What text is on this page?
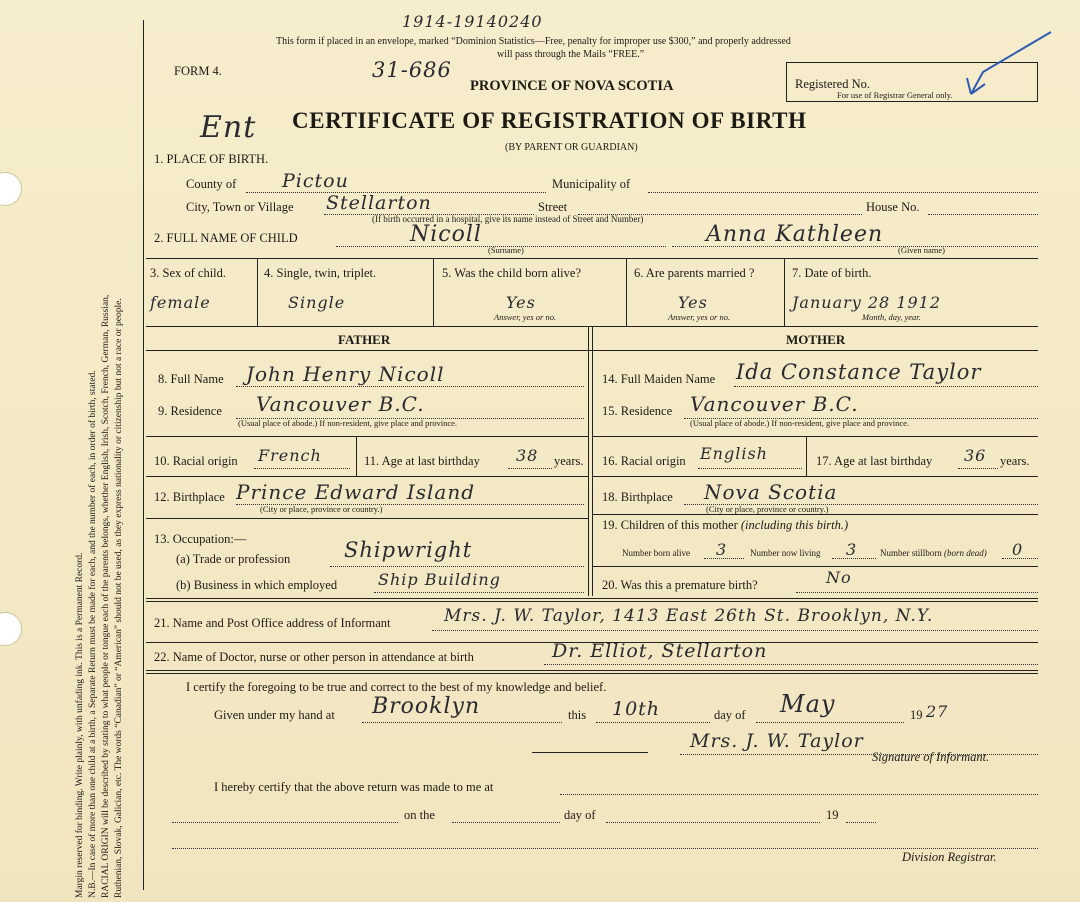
Margin reserved for binding. Write plainly, with unfading ink. This is a Permanent Record. N.B.—In case of more than one child at a birth, a Separate Return must be made for each, and the number of each, in order of birth, stated. RACIAL ORIGIN will be described by stating to what people or tongue each of the parents belongs, whether English, Irish, Scotch, French, German, Russian, Ruthenian, Slovak, Galician, etc. The words “Canadian” or “American” should not be used, as they express nationality or citizenship but not a race or people.
1914-19140240
This form if placed in an envelope, marked “Dominion Statistics—Free, penalty for improper use $300,” and properly addressed
will pass through the Mails “FREE.”
FORM 4.	31-686
PROVINCE OF NOVA SCOTIA	Registered No.
For use of Registrar General only.
Ent CERTIFICATE OF REGISTRATION OF BIRTH
(BY PARENT OR GUARDIAN)
1. PLACE OF BIRTH.
County of Pictou	Municipality of
City, Town or Village Stellarton	Street	House No.
(If birth occurred in a hospital, give its name instead of Street and Number)
2. FULL NAME OF CHILD	Nicoll
(Surname)
Anna Kathleen
(Given name)
3. Sex of child.
female
4. Single, twin, triplet.
Single
5. Was the child born alive?
Yes
Answer, yes or no.
6. Are parents married ?
Yes
Answer, yes or no.
7. Date of birth.
January 28 1912
Month, day, year.
FATHER	MOTHER
8. Full Name John Henry Nicoll
9. Residence Vancouver B.C.
(Usual place of abode.) If non-resident, give place and province.
10. Racial origin French	11. Age at last birthday 38 years.
12. Birthplace Prince Edward Island
(City or place, province or country.)
13. Occupation:—
(a) Trade or profession	Shipwright
(b) Business in which employed	Ship Building
14. Full Maiden Name Ida Constance Taylor
15. Residence Vancouver B.C.
(Usual place of abode.) If non-resident, give place and province.
16. Racial origin English	17. Age at last birthday 36 years.
18. Birthplace Nova Scotia
(City or place, province or country.)
19. Children of this mother (including this birth.)
Number born alive 3	Number now living 3	Number stillborn (born dead) 0
20. Was this a premature birth?	No
21. Name and Post Office address of Informant	Mrs. J. W. Taylor, 1413 East 26th St. Brooklyn, N.Y.
22. Name of Doctor, nurse or other person in attendance at birth	Dr. Elliot, Stellarton
I certify the foregoing to be true and correct to the best of my knowledge and belief.
Given under my hand at Brooklyn	this 10th	day of May	19 27
Mrs. J. W. Taylor
Signature of Informant.
I hereby certify that the above return was made to me at
on the	day of	19
Division Registrar.
